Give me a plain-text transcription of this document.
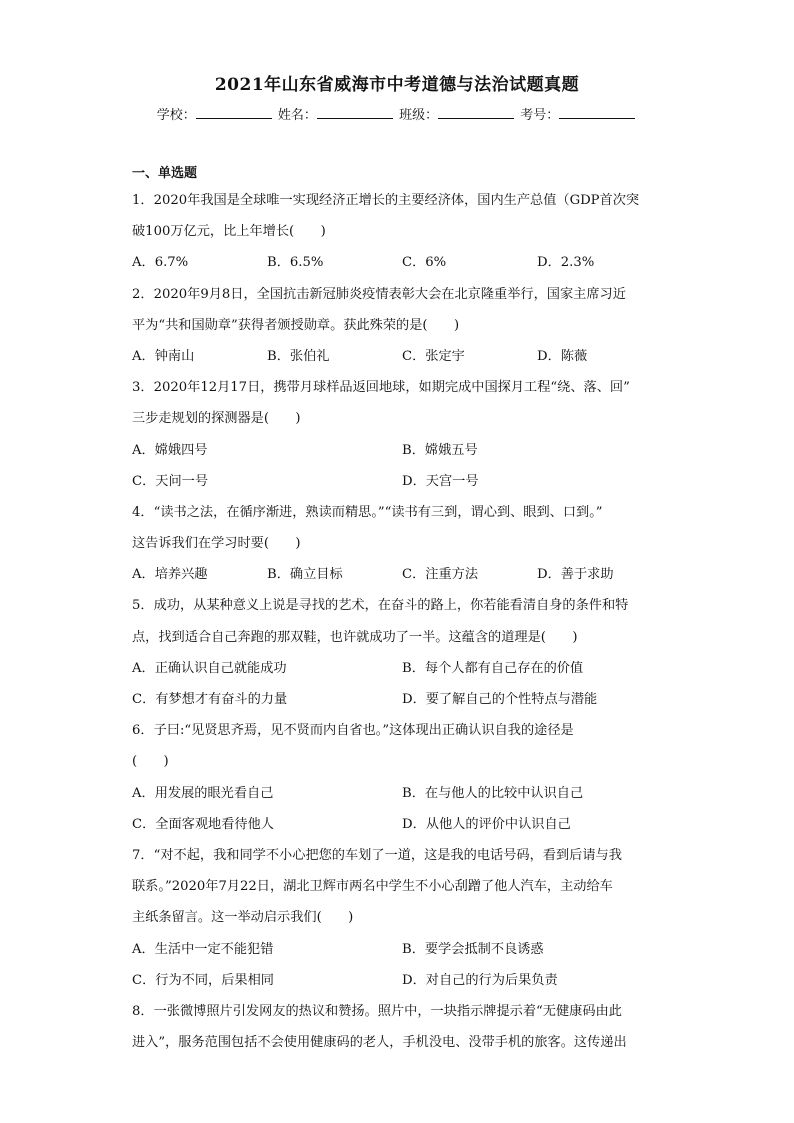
2021年山东省威海市中考道德与法治试题真题
学校：	姓名：	班级：	考号：
一、单选题
1．2020年我国是全球唯一实现经济正增长的主要经济体，国内生产总值（GDP首次突
破100万亿元，比上年增长(　　)
A．6.7%	B．6.5%	C．6%	D．2.3%
2．2020年9月8日，全国抗击新冠肺炎疫情表彰大会在北京隆重举行，国家主席习近
平为“共和国勋章”获得者颁授勋章。获此殊荣的是(　　)
A．钟南山	B．张伯礼	C．张定宇	D．陈薇
3．2020年12月17日，携带月球样品返回地球，如期完成中国探月工程“绕、落、回”
三步走规划的探测器是(　　)
A．嫦娥四号	B．嫦娥五号
C．天问一号	D．天宫一号
4．“读书之法，在循序渐进，熟读而精思。”“读书有三到，谓心到、眼到、口到。”
这告诉我们在学习时要(　　)
A．培养兴趣	B．确立目标	C．注重方法	D．善于求助
5．成功，从某种意义上说是寻找的艺术，在奋斗的路上，你若能看清自身的条件和特
点，找到适合自己奔跑的那双鞋，也许就成功了一半。这蕴含的道理是(　　)
A．正确认识自己就能成功	B．每个人都有自己存在的价值
C．有梦想才有奋斗的力量	D．要了解自己的个性特点与潜能
6．子曰:“见贤思齐焉，见不贤而内自省也。”这体现出正确认识自我的途径是
(　　)
A．用发展的眼光看自己	B．在与他人的比较中认识自己
C．全面客观地看待他人	D．从他人的评价中认识自己
7．“对不起，我和同学不小心把您的车划了一道，这是我的电话号码，看到后请与我
联系。”2020年7月22日，湖北卫辉市两名中学生不小心刮蹭了他人汽车，主动给车
主纸条留言。这一举动启示我们(　　)
A．生活中一定不能犯错	B．要学会抵制不良诱惑
C．行为不同，后果相同	D．对自己的行为后果负责
8．一张微博照片引发网友的热议和赞扬。照片中，一块指示牌提示着“无健康码由此
进入”，服务范围包括不会使用健康码的老人，手机没电、没带手机的旅客。这传递出
